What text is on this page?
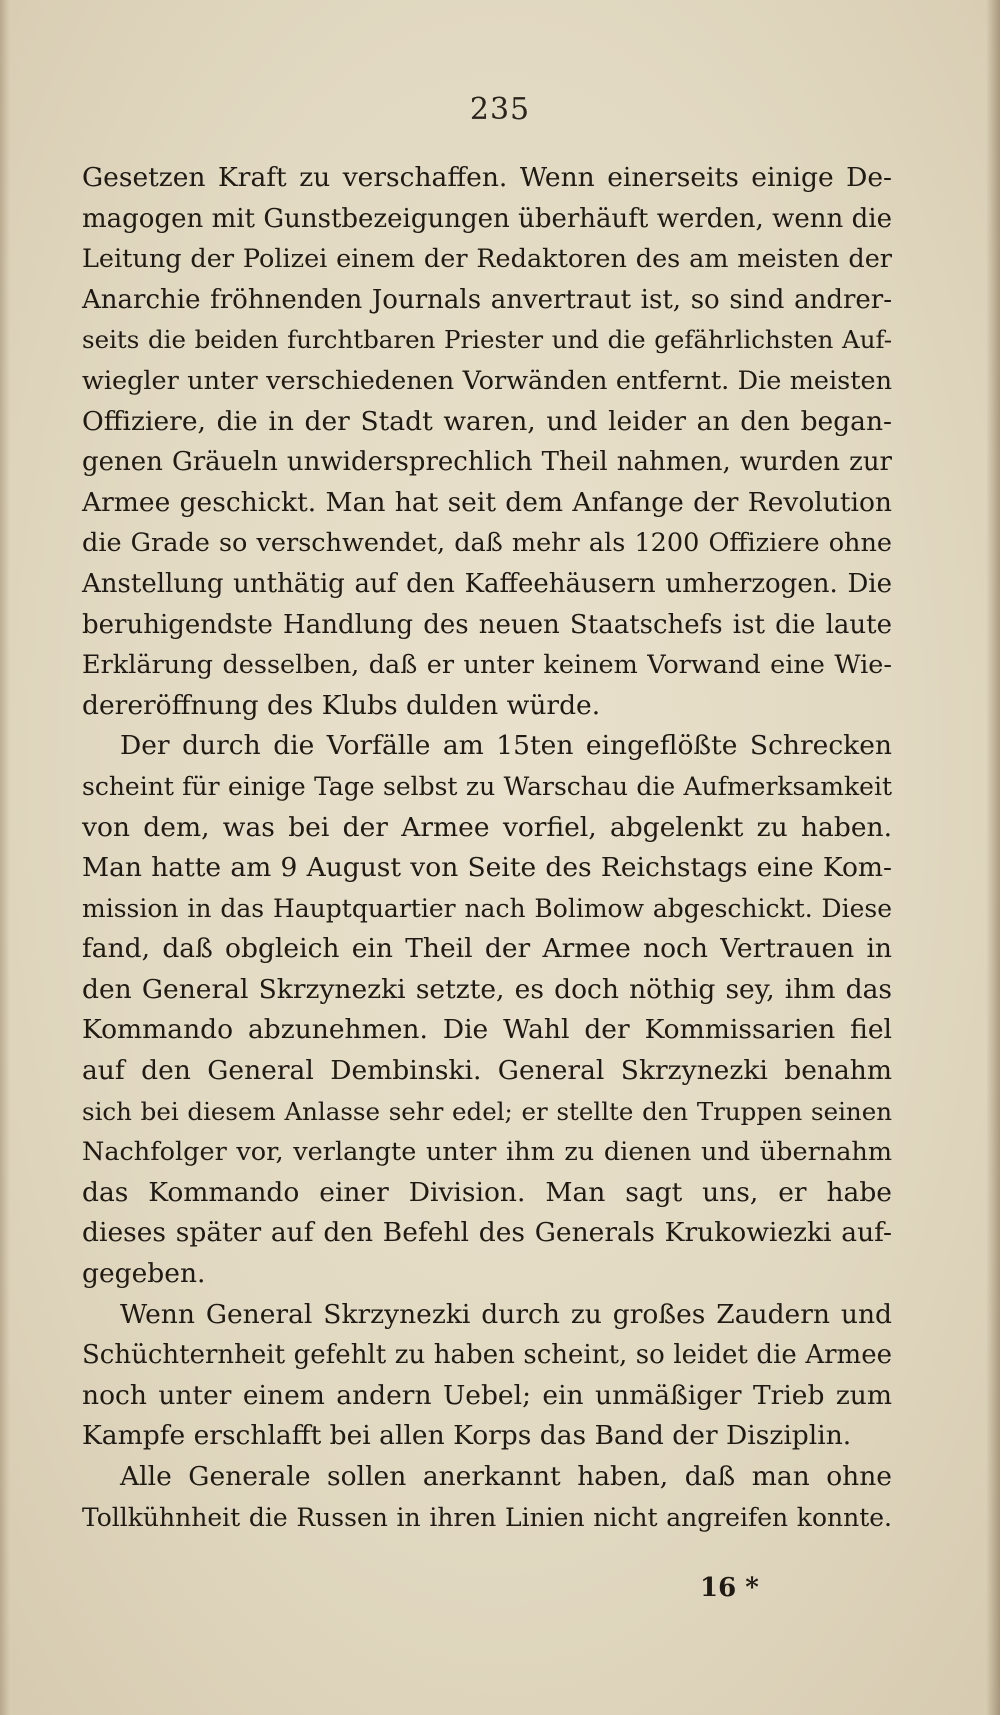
235
Gesetzen Kraft zu verschaffen. Wenn einerseits einige De-
magogen mit Gunstbezeigungen überhäuft werden, wenn die
Leitung der Polizei einem der Redaktoren des am meisten der
Anarchie fröhnenden Journals anvertraut ist, so sind andrer-
seits die beiden furchtbaren Priester und die gefährlichsten Auf-
wiegler unter verschiedenen Vorwänden entfernt. Die meisten
Offiziere, die in der Stadt waren, und leider an den began-
genen Gräueln unwidersprechlich Theil nahmen, wurden zur
Armee geschickt. Man hat seit dem Anfange der Revolution
die Grade so verschwendet, daß mehr als 1200 Offiziere ohne
Anstellung unthätig auf den Kaffeehäusern umherzogen. Die
beruhigendste Handlung des neuen Staatschefs ist die laute
Erklärung desselben, daß er unter keinem Vorwand eine Wie-
dereröffnung des Klubs dulden würde.
Der durch die Vorfälle am 15ten eingeflößte Schrecken
scheint für einige Tage selbst zu Warschau die Aufmerksamkeit
von dem, was bei der Armee vorfiel, abgelenkt zu haben.
Man hatte am 9 August von Seite des Reichstags eine Kom-
mission in das Hauptquartier nach Bolimow abgeschickt. Diese
fand, daß obgleich ein Theil der Armee noch Vertrauen in
den General Skrzynezki setzte, es doch nöthig sey, ihm das
Kommando abzunehmen. Die Wahl der Kommissarien fiel
auf den General Dembinski. General Skrzynezki benahm
sich bei diesem Anlasse sehr edel; er stellte den Truppen seinen
Nachfolger vor, verlangte unter ihm zu dienen und übernahm
das Kommando einer Division. Man sagt uns, er habe
dieses später auf den Befehl des Generals Krukowiezki auf-
gegeben.
Wenn General Skrzynezki durch zu großes Zaudern und
Schüchternheit gefehlt zu haben scheint, so leidet die Armee
noch unter einem andern Uebel; ein unmäßiger Trieb zum
Kampfe erschlafft bei allen Korps das Band der Disziplin.
Alle Generale sollen anerkannt haben, daß man ohne
Tollkühnheit die Russen in ihren Linien nicht angreifen konnte.
16 *
